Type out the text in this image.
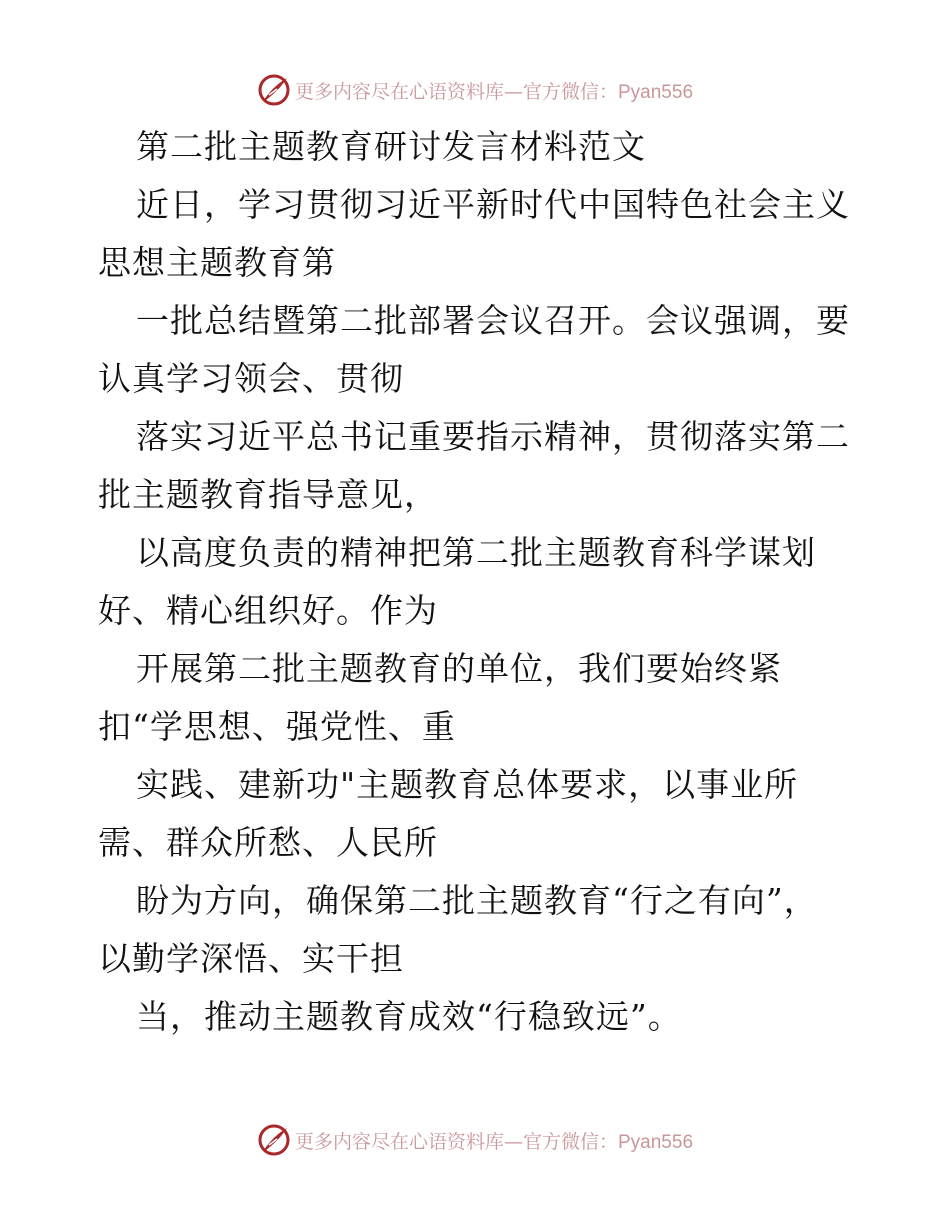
更多内容尽在心语资料库—官方微信：Pyan556
第二批主题教育研讨发言材料范文
近日，学习贯彻习近平新时代中国特色社会主义
思想主题教育第
一批总结暨第二批部署会议召开。会议强调，要
认真学习领会、贯彻
落实习近平总书记重要指示精神，贯彻落实第二
批主题教育指导意见，
以高度负责的精神把第二批主题教育科学谋划
好、精心组织好。作为
开展第二批主题教育的单位，我们要始终紧
扣“学思想、强党性、重
实践、建新功"主题教育总体要求，以事业所
需、群众所愁、人民所
盼为方向，确保第二批主题教育“行之有向”，
以勤学深悟、实干担
当，推动主题教育成效“行稳致远”。
更多内容尽在心语资料库—官方微信：Pyan556
